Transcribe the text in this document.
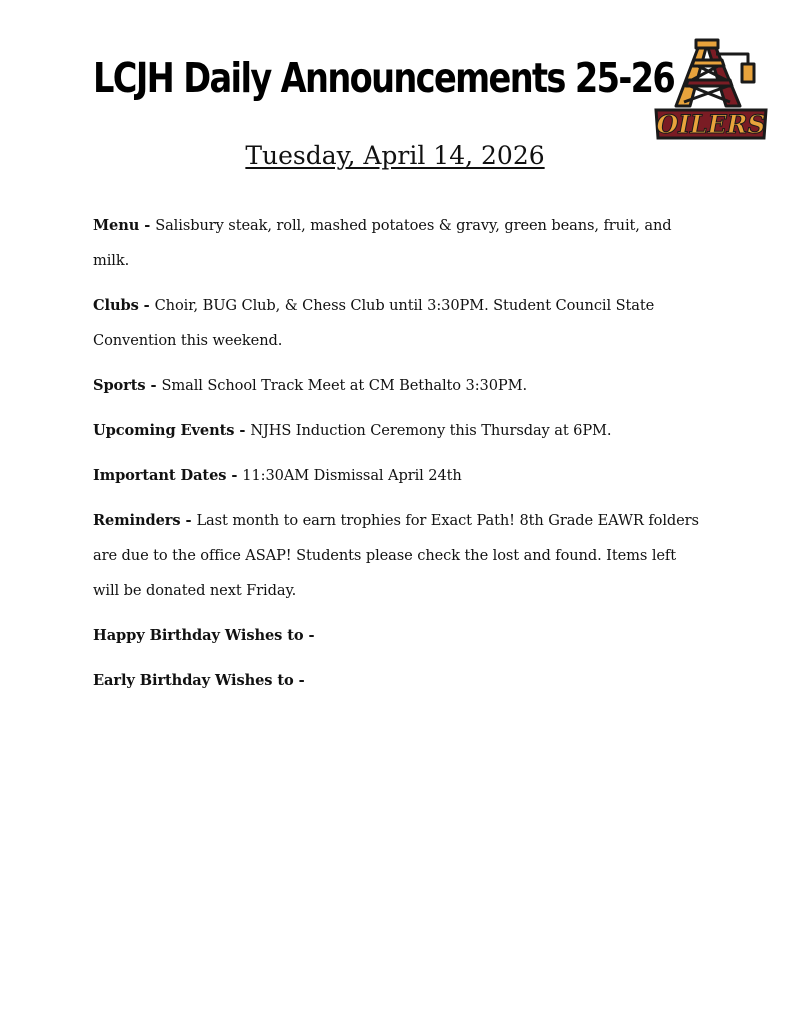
LCJH Daily Announcements 25-26
OILERS
Tuesday, April 14, 2026

Menu - Salisbury steak, roll, mashed potatoes & gravy, green beans, fruit, and milk.

Clubs - Choir, BUG Club, & Chess Club until 3:30PM. Student Council State Convention this weekend.

Sports - Small School Track Meet at CM Bethalto 3:30PM.

Upcoming Events - NJHS Induction Ceremony this Thursday at 6PM.

Important Dates - 11:30AM Dismissal April 24th

Reminders - Last month to earn trophies for Exact Path! 8th Grade EAWR folders are due to the office ASAP! Students please check the lost and found. Items left will be donated next Friday.

Happy Birthday Wishes to -

Early Birthday Wishes to -
